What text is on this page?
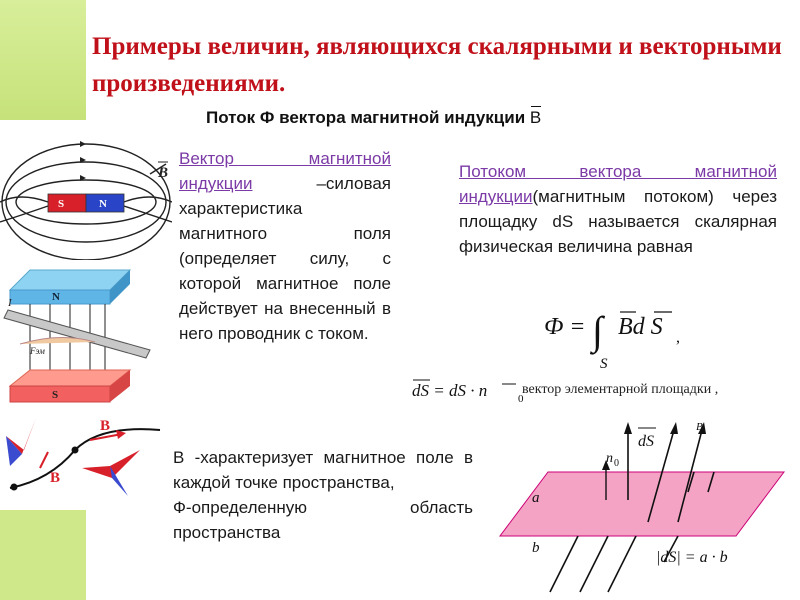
Примеры величин, являющихся скалярными и векторными произведениями.
Поток Ф вектора магнитной индукции B
S	N
B
N
I
Fэм
S
B
B
Вектор магнитной индукции –силовая характеристика магнитного поля (определяет силу, с которой магнитное поле действует на внесенный в него проводник с током.
Потоком вектора магнитной индукции(магнитным потоком) через площадку dS называется скалярная физическая величина равная
Ф = ∫
S
Bd S ,
dS = dS · n	0
вектор элементарной площадки ,
B -характеризует магнитное поле в каждой точке пространства,
Ф-определенную область пространства
dS
n 0
B
a
b
|dS| = a · b
